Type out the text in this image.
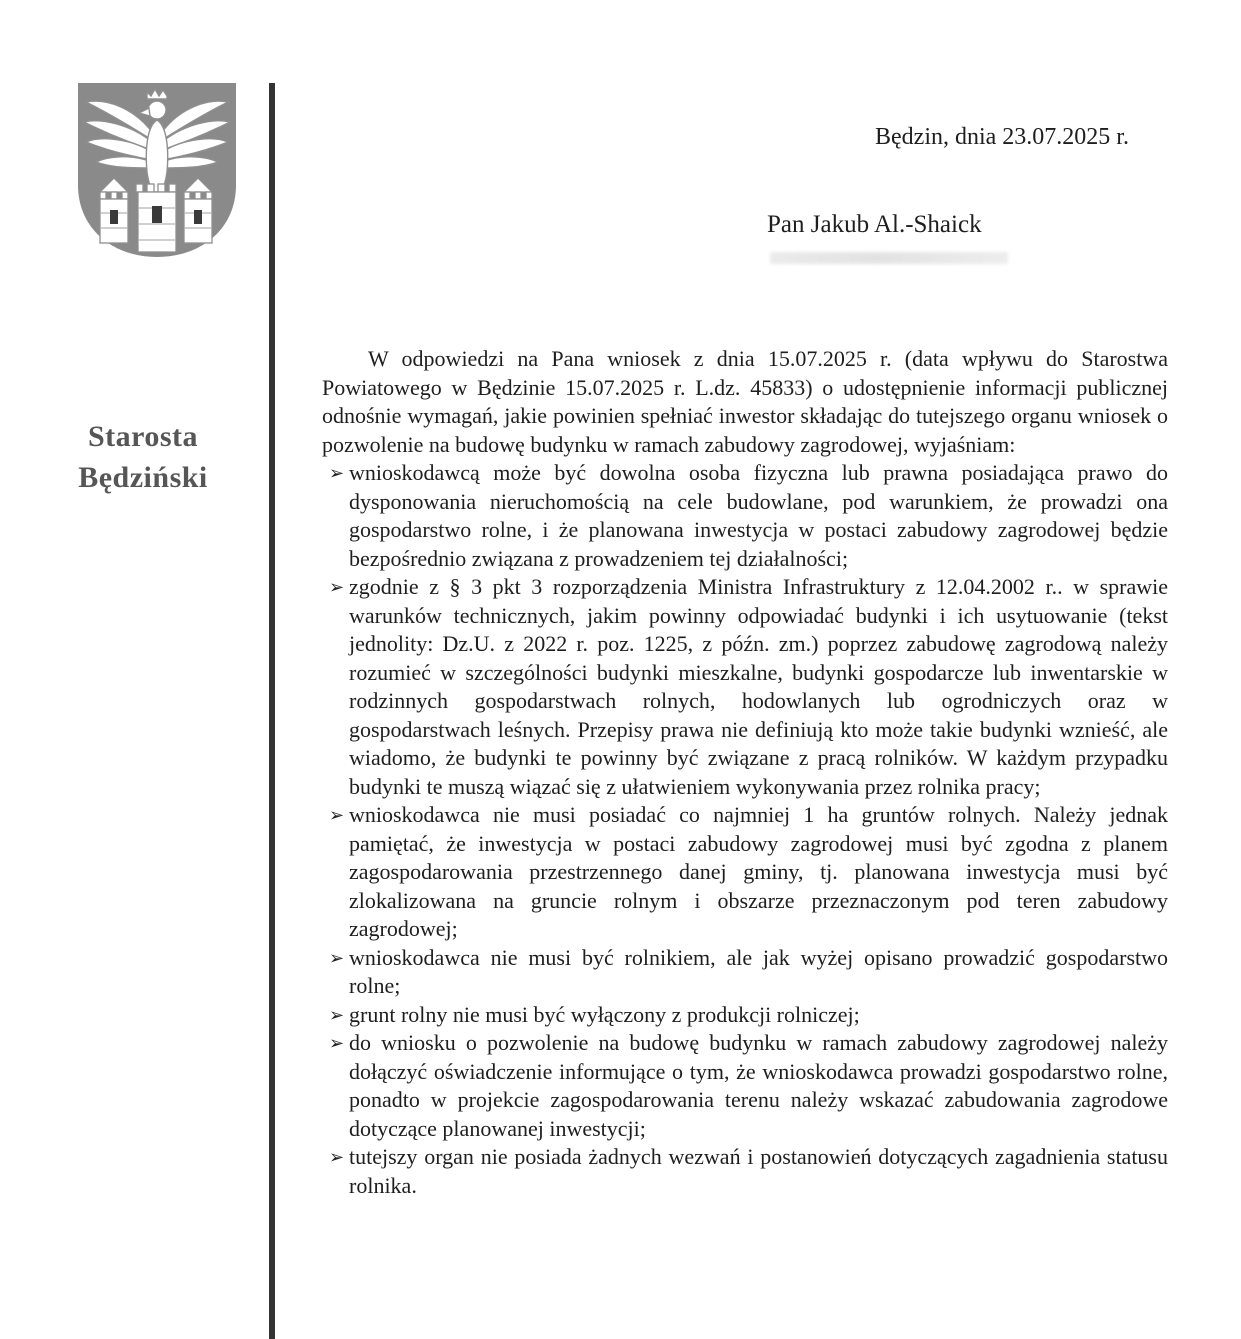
Starosta
Będziński
Będzin, dnia 23.07.2025 r.
Pan Jakub Al.-Shaick

W odpowiedzi na Pana wniosek z dnia 15.07.2025 r. (data wpływu do Starostwa Powiatowego w Będzinie 15.07.2025 r. L.dz. 45833) o udostępnienie informacji publicznej odnośnie wymagań, jakie powinien spełniać inwestor składając do tutejszego organu wniosek o pozwolenie na budowę budynku w ramach zabudowy zagrodowej, wyjaśniam:

➢ wnioskodawcą może być dowolna osoba fizyczna lub prawna posiadająca prawo do dysponowania nieruchomością na cele budowlane, pod warunkiem, że prowadzi ona gospodarstwo rolne, i że planowana inwestycja w postaci zabudowy zagrodowej będzie bezpośrednio związana z prowadzeniem tej działalności;
➢ zgodnie z § 3 pkt 3 rozporządzenia Ministra Infrastruktury z 12.04.2002 r.. w sprawie warunków technicznych, jakim powinny odpowiadać budynki i ich usytuowanie (tekst jednolity: Dz.U. z 2022 r. poz. 1225, z późn. zm.) poprzez zabudowę zagrodową należy rozumieć w szczególności budynki mieszkalne, budynki gospodarcze lub inwentarskie w rodzinnych gospodarstwach rolnych, hodowlanych lub ogrodniczych oraz w gospodarstwach leśnych. Przepisy prawa nie definiują kto może takie budynki wznieść, ale wiadomo, że budynki te powinny być związane z pracą rolników. W każdym przypadku budynki te muszą wiązać się z ułatwieniem wykonywania przez rolnika pracy;
➢ wnioskodawca nie musi posiadać co najmniej 1 ha gruntów rolnych. Należy jednak pamiętać, że inwestycja w postaci zabudowy zagrodowej musi być zgodna z planem zagospodarowania przestrzennego danej gminy, tj. planowana inwestycja musi być zlokalizowana na gruncie rolnym i obszarze przeznaczonym pod teren zabudowy zagrodowej;
➢ wnioskodawca nie musi być rolnikiem, ale jak wyżej opisano prowadzić gospodarstwo rolne;
➢ grunt rolny nie musi być wyłączony z produkcji rolniczej;
➢ do wniosku o pozwolenie na budowę budynku w ramach zabudowy zagrodowej należy dołączyć oświadczenie informujące o tym, że wnioskodawca prowadzi gospodarstwo rolne, ponadto w projekcie zagospodarowania terenu należy wskazać zabudowania zagrodowe dotyczące planowanej inwestycji;
➢ tutejszy organ nie posiada żadnych wezwań i postanowień dotyczących zagadnienia statusu rolnika.
